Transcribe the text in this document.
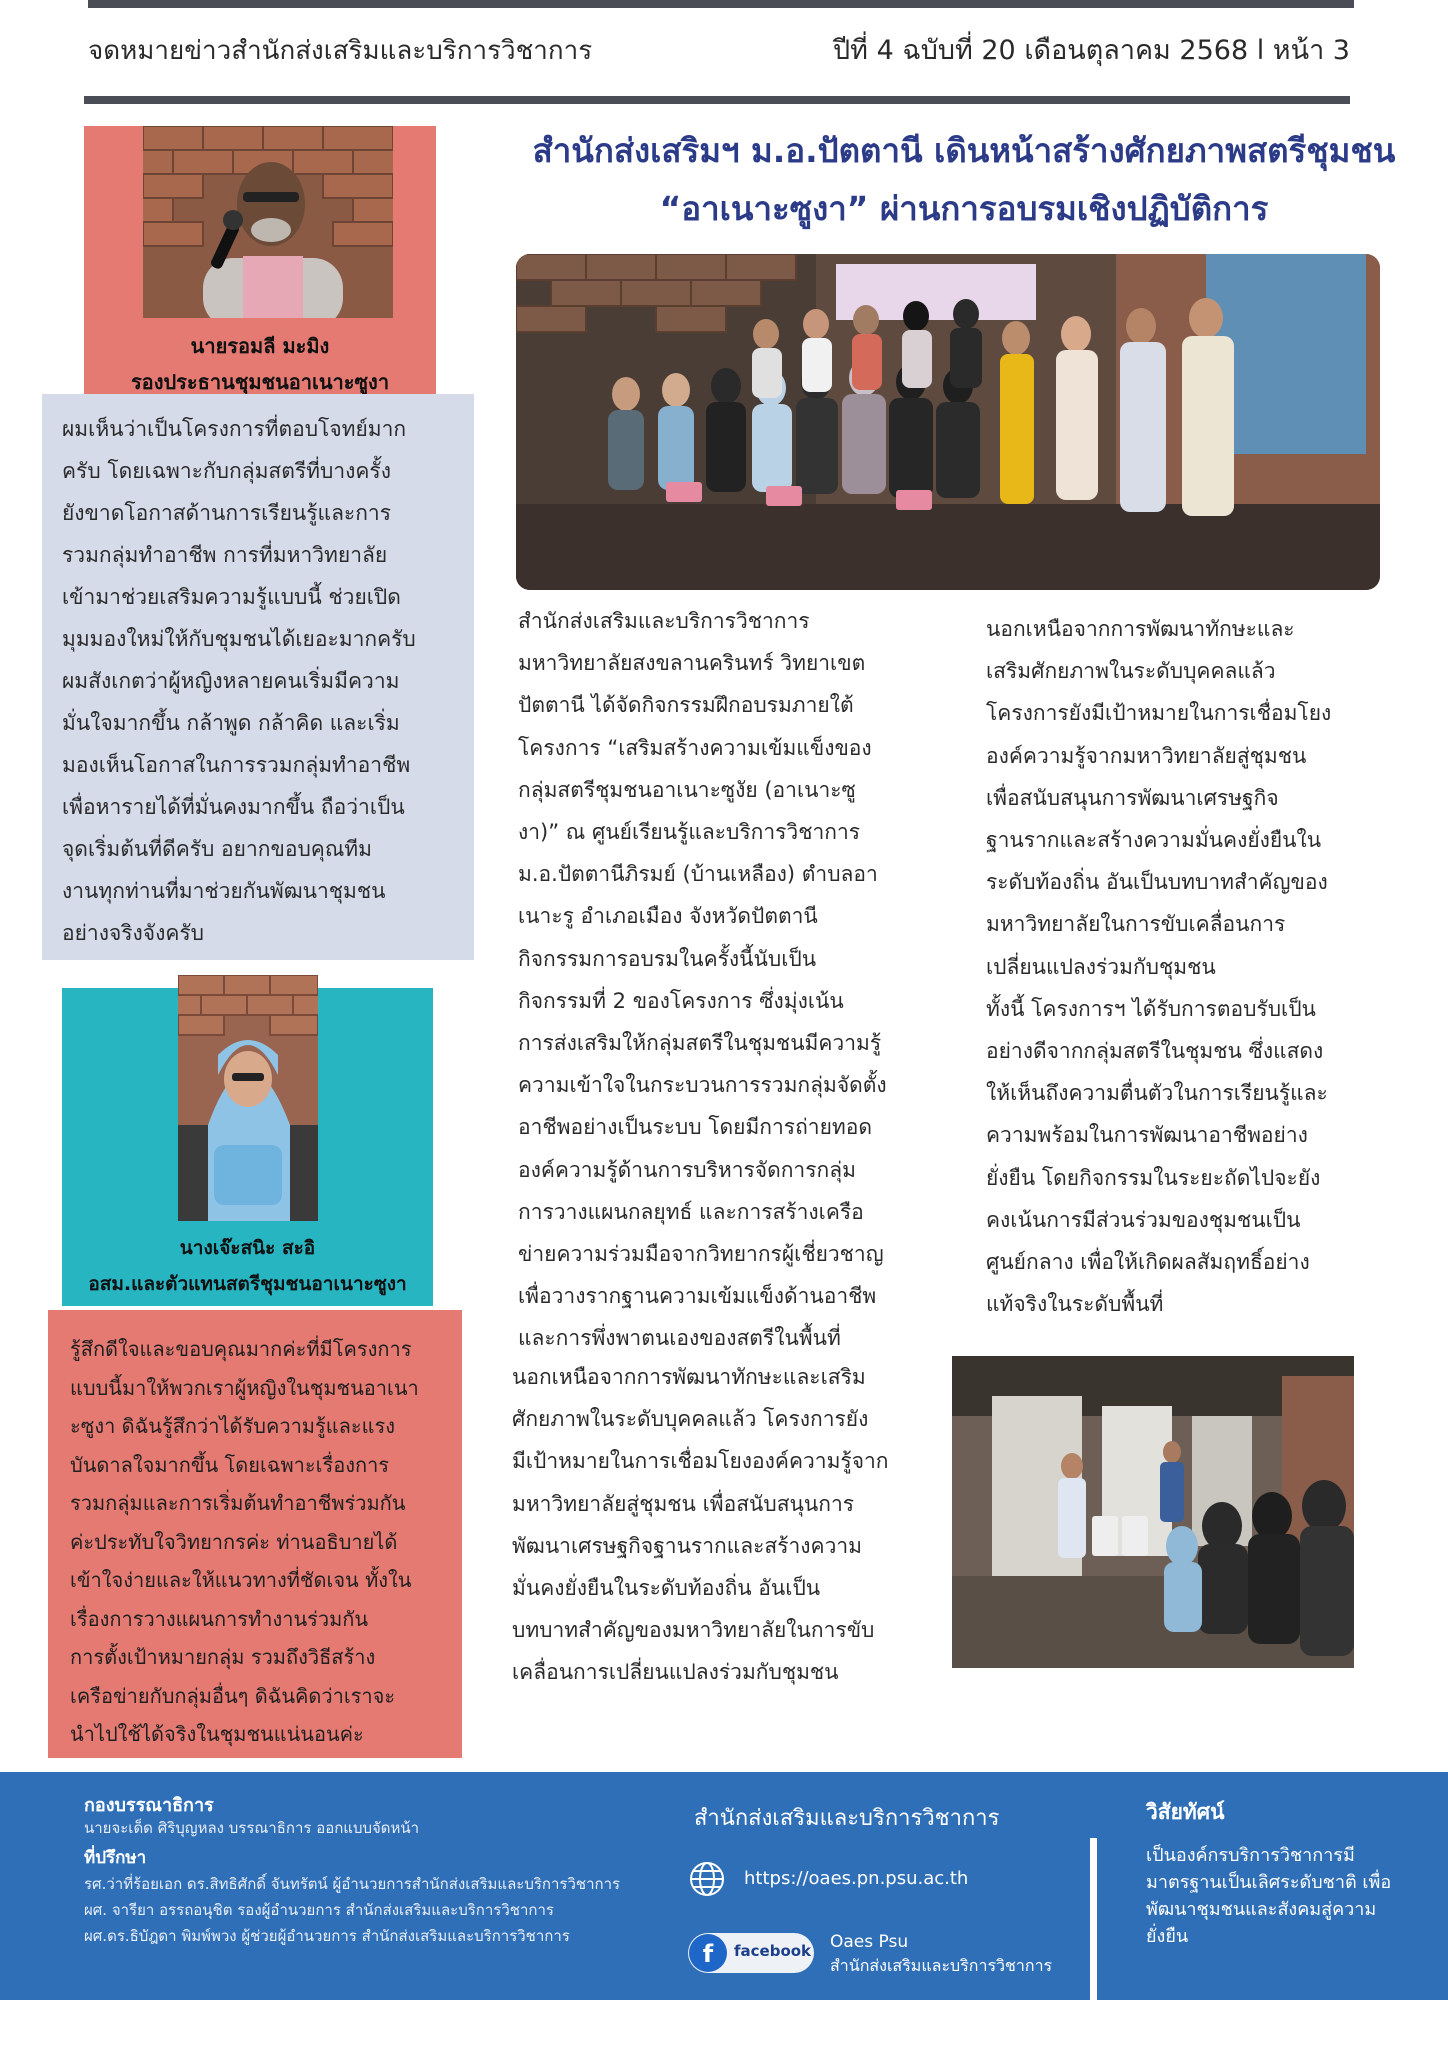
จดหมายข่าวสำนักส่งเสริมและบริการวิชาการ	ปีที่ 4 ฉบับที่ 20 เดือนตุลาคม 2568 l หน้า 3
สำนักส่งเสริมฯ ม.อ.ปัตตานี เดินหน้าสร้างศักยภาพสตรีชุมชน
“อาเนาะซูงา” ผ่านการอบรมเชิงปฏิบัติการ
นายรอมลี มะมิง
รองประธานชุมชนอาเนาะซูงา

ผมเห็นว่าเป็นโครงการที่ตอบโจทย์มาก

ครับ โดยเฉพาะกับกลุ่มสตรีที่บางครั้ง

ยังขาดโอกาสด้านการเรียนรู้และการ

รวมกลุ่มทำอาชีพ การที่มหาวิทยาลัย

เข้ามาช่วยเสริมความรู้แบบนี้ ช่วยเปิด

มุมมองใหม่ให้กับชุมชนได้เยอะมากครับ

ผมสังเกตว่าผู้หญิงหลายคนเริ่มมีความ

มั่นใจมากขึ้น กล้าพูด กล้าคิด และเริ่ม

มองเห็นโอกาสในการรวมกลุ่มทำอาชีพ

เพื่อหารายได้ที่มั่นคงมากขึ้น ถือว่าเป็น

จุดเริ่มต้นที่ดีครับ อยากขอบคุณทีม

งานทุกท่านที่มาช่วยกันพัฒนาชุมชน

อย่างจริงจังครับ

นางเจ๊ะสนิะ สะอิ
อสม.และตัวแทนสตรีชุมชนอาเนาะซูงา

รู้สึกดีใจและขอบคุณมากค่ะที่มีโครงการ

แบบนี้มาให้พวกเราผู้หญิงในชุมชนอาเนา

ะซูงา ดิฉันรู้สึกว่าได้รับความรู้และแรง

บันดาลใจมากขึ้น โดยเฉพาะเรื่องการ

รวมกลุ่มและการเริ่มต้นทำอาชีพร่วมกัน

ค่ะประทับใจวิทยากรค่ะ ท่านอธิบายได้

เข้าใจง่ายและให้แนวทางที่ชัดเจน ทั้งใน

เรื่องการวางแผนการทำงานร่วมกัน

การตั้งเป้าหมายกลุ่ม รวมถึงวิธีสร้าง

เครือข่ายกับกลุ่มอื่นๆ ดิฉันคิดว่าเราจะ

นำไปใช้ได้จริงในชุมชนแน่นอนค่ะ

สำนักส่งเสริมและบริการวิชาการ

มหาวิทยาลัยสงขลานครินทร์ วิทยาเขต

ปัตตานี ได้จัดกิจกรรมฝึกอบรมภายใต้

โครงการ “เสริมสร้างความเข้มแข็งของ

กลุ่มสตรีชุมชนอาเนาะซูงัย (อาเนาะซู

งา)” ณ ศูนย์เรียนรู้และบริการวิชาการ

ม.อ.ปัตตานีภิรมย์ (บ้านเหลือง) ตำบลอา

เนาะรู อำเภอเมือง จังหวัดปัตตานี

กิจกรรมการอบรมในครั้งนี้นับเป็น

กิจกรรมที่ 2 ของโครงการ ซึ่งมุ่งเน้น

การส่งเสริมให้กลุ่มสตรีในชุมชนมีความรู้

ความเข้าใจในกระบวนการรวมกลุ่มจัดตั้ง

อาชีพอย่างเป็นระบบ โดยมีการถ่ายทอด

องค์ความรู้ด้านการบริหารจัดการกลุ่ม

การวางแผนกลยุทธ์ และการสร้างเครือ

ข่ายความร่วมมือจากวิทยากรผู้เชี่ยวชาญ

เพื่อวางรากฐานความเข้มแข็งด้านอาชีพ

และการพึ่งพาตนเองของสตรีในพื้นที่

นอกเหนือจากการพัฒนาทักษะและ

เสริมศักยภาพในระดับบุคคลแล้ว

โครงการยังมีเป้าหมายในการเชื่อมโยง

องค์ความรู้จากมหาวิทยาลัยสู่ชุมชน

เพื่อสนับสนุนการพัฒนาเศรษฐกิจ

ฐานรากและสร้างความมั่นคงยั่งยืนใน

ระดับท้องถิ่น อันเป็นบทบาทสำคัญของ

มหาวิทยาลัยในการขับเคลื่อนการ

เปลี่ยนแปลงร่วมกับชุมชน

ทั้งนี้ โครงการฯ ได้รับการตอบรับเป็น

อย่างดีจากกลุ่มสตรีในชุมชน ซึ่งแสดง

ให้เห็นถึงความตื่นตัวในการเรียนรู้และ

ความพร้อมในการพัฒนาอาชีพอย่าง

ยั่งยืน โดยกิจกรรมในระยะถัดไปจะยัง

คงเน้นการมีส่วนร่วมของชุมชนเป็น

ศูนย์กลาง เพื่อให้เกิดผลสัมฤทธิ์อย่าง

แท้จริงในระดับพื้นที่

นอกเหนือจากการพัฒนาทักษะและเสริม

ศักยภาพในระดับบุคคลแล้ว โครงการยัง

มีเป้าหมายในการเชื่อมโยงองค์ความรู้จาก

มหาวิทยาลัยสู่ชุมชน เพื่อสนับสนุนการ

พัฒนาเศรษฐกิจฐานรากและสร้างความ

มั่นคงยั่งยืนในระดับท้องถิ่น อันเป็น

บทบาทสำคัญของมหาวิทยาลัยในการขับ

เคลื่อนการเปลี่ยนแปลงร่วมกับชุมชน

กองบรรณาธิการ
นายจะเด็ด ศิริบุญหลง บรรณาธิการ ออกแบบจัดหน้า
ที่ปรึกษา
รศ.ว่าที่ร้อยเอก ดร.สิทธิศักดิ์ จันทรัตน์ ผู้อำนวยการสำนักส่งเสริมและบริการวิชาการ
ผศ. จารียา อรรถอนุชิต รองผู้อำนวยการ สำนักส่งเสริมและบริการวิชาการ
ผศ.ดร.ธิบัฎดา พิมพ์พวง ผู้ช่วยผู้อำนวยการ สำนักส่งเสริมและบริการวิชาการ
สำนักส่งเสริมและบริการวิชาการ
https://oaes.pn.psu.ac.th
f	facebook Oaes Psu
สำนักส่งเสริมและบริการวิชาการ
วิสัยทัศน์
เป็นองค์กรบริการวิชาการมีมาตรฐานเป็นเลิศระดับชาติ เพื่อพัฒนาชุมชนและสังคมสู่ความยั่งยืน
